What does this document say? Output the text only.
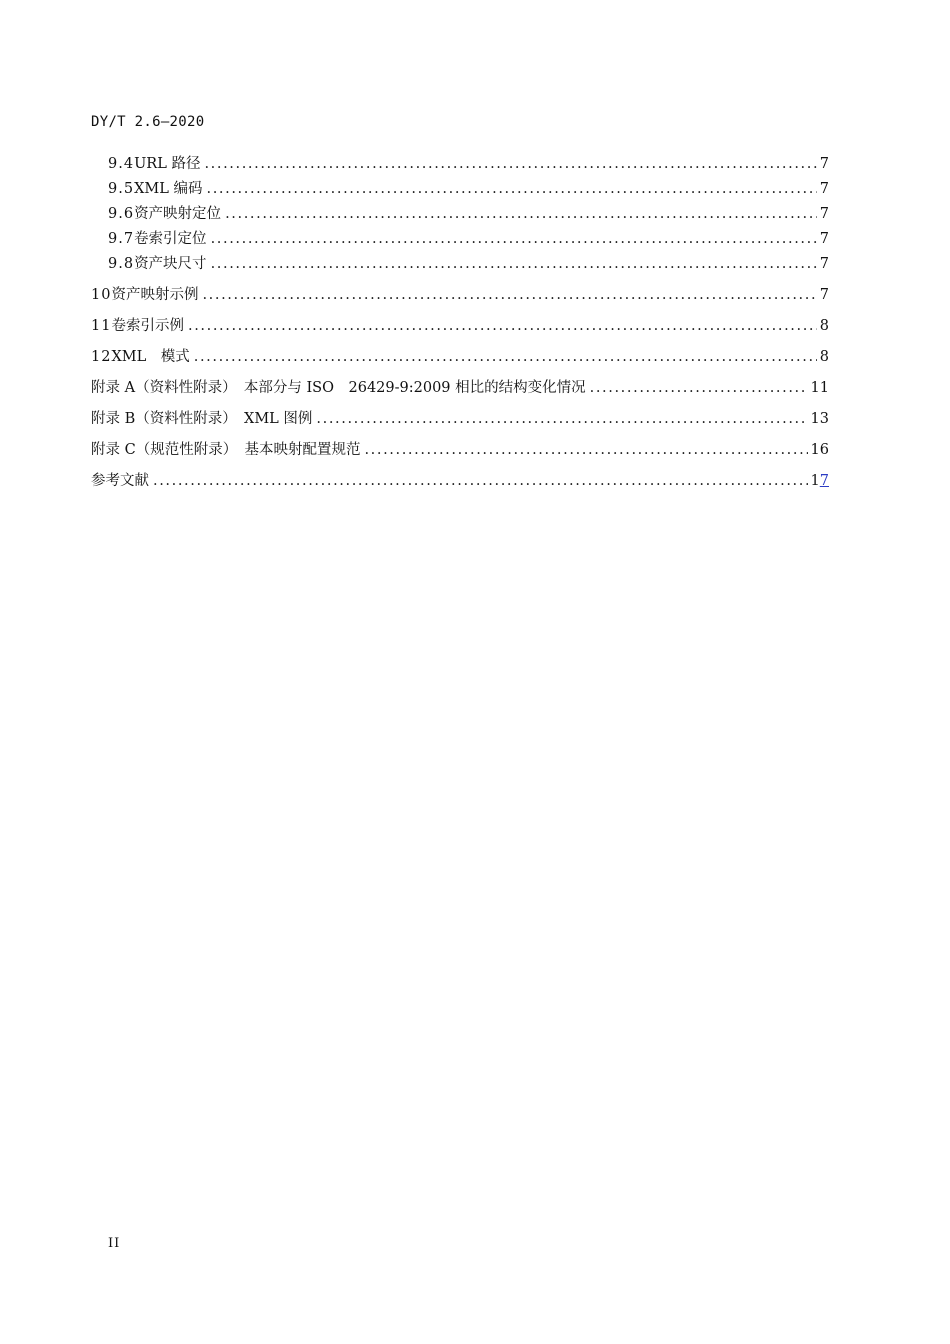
DY/T 2.6—2020
9.4 URL 路径 .....	7
9.5 XML 编码 .....	7
9.6 资产映射定位 .....	7
9.7 卷索引定位 .....	7
9.8 资产块尺寸 .....	7
10 资产映射示例 .....	7
11 卷索引示例 .....	8
12 XML　模式 .....	8
附录 A（资料性附录）　本部分与 ISO　26429-9:2009 相比的结构变化情况 .....	11
附录 B（资料性附录）　XML 图例 .....	13
附录 C（规范性附录）　基本映射配置规范 .....	16
参考文献 .....	17
II
